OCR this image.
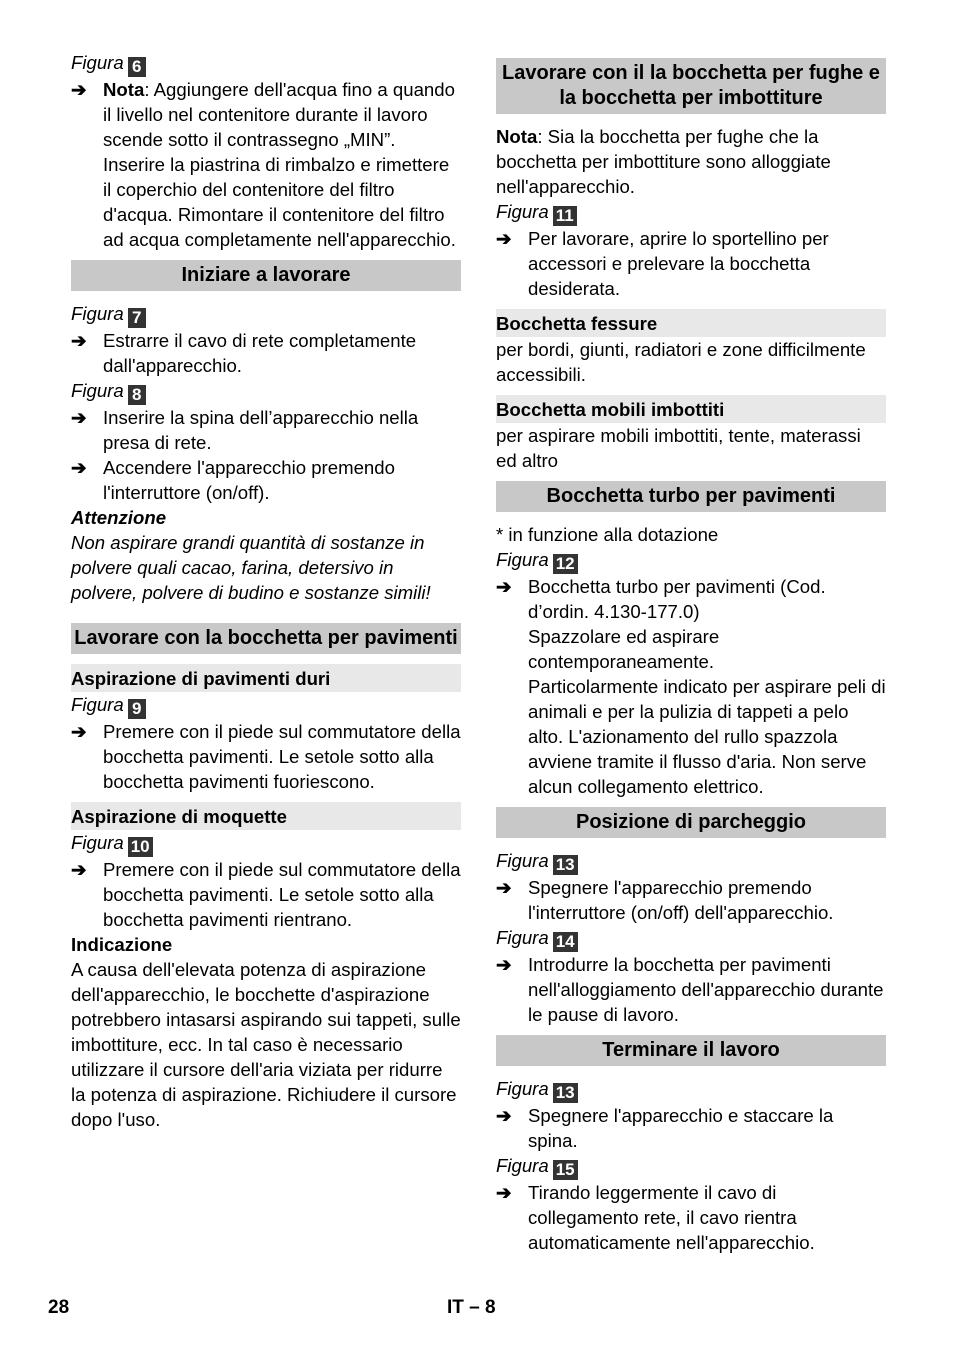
Figura 6

➔ Nota: Aggiungere dell'acqua fino a quando il livello nel contenitore durante il lavoro scende sotto il contrassegno „MIN”.

Inserire la piastrina di rimbalzo e rimettere il coperchio del contenitore del filtro d'acqua. Rimontare il contenitore del filtro ad acqua completamente nell'apparecchio.

Iniziare a lavorare

Figura 7

➔ Estrarre il cavo di rete completamente dall'apparecchio.

Figura 8

➔ Inserire la spina dell’apparecchio nella presa di rete.

➔ Accendere l'apparecchio premendo l'interruttore (on/off).

Attenzione

Non aspirare grandi quantità di sostanze in polvere quali cacao, farina, detersivo in polvere, polvere di budino e sostanze simili!

Lavorare con la bocchetta per pavimenti
Aspirazione di pavimenti duri

Figura 9

➔ Premere con il piede sul commutatore della bocchetta pavimenti. Le setole sotto alla bocchetta pavimenti fuoriescono.

Aspirazione di moquette

Figura 10

➔ Premere con il piede sul commutatore della bocchetta pavimenti. Le setole sotto alla bocchetta pavimenti rientrano.

Indicazione

A causa dell'elevata potenza di aspirazione dell'apparecchio, le bocchette d'aspirazione potrebbero intasarsi aspirando sui tappeti, sulle imbottiture, ecc. In tal caso è necessario utilizzare il cursore dell'aria viziata per ridurre la potenza di aspirazione. Richiudere il cursore dopo l'uso.

Lavorare con il la bocchetta per fughe e la bocchetta per imbottiture

Nota: Sia la bocchetta per fughe che la bocchetta per imbottiture sono alloggiate nell'apparecchio.

Figura 11

➔ Per lavorare, aprire lo sportellino per accessori e prelevare la bocchetta desiderata.

Bocchetta fessure

per bordi, giunti, radiatori e zone difficilmente accessibili.

Bocchetta mobili imbottiti

per aspirare mobili imbottiti, tente, materassi ed altro

Bocchetta turbo per pavimenti

* in funzione alla dotazione

Figura 12

➔ Bocchetta turbo per pavimenti (Cod. d’ordin. 4.130-177.0)

Spazzolare ed aspirare contemporaneamente.

Particolarmente indicato per aspirare peli di animali e per la pulizia di tappeti a pelo alto. L'azionamento del rullo spazzola avviene tramite il flusso d'aria. Non serve alcun collegamento elettrico.

Posizione di parcheggio

Figura 13

➔ Spegnere l'apparecchio premendo l'interruttore (on/off) dell'apparecchio.

Figura 14

➔ Introdurre la bocchetta per pavimenti nell'alloggiamento dell'apparecchio durante le pause di lavoro.

Terminare il lavoro

Figura 13

➔ Spegnere l'apparecchio e staccare la spina.

Figura 15

➔ Tirando leggermente il cavo di collegamento rete, il cavo rientra automaticamente nell'apparecchio.

28	IT – 8
